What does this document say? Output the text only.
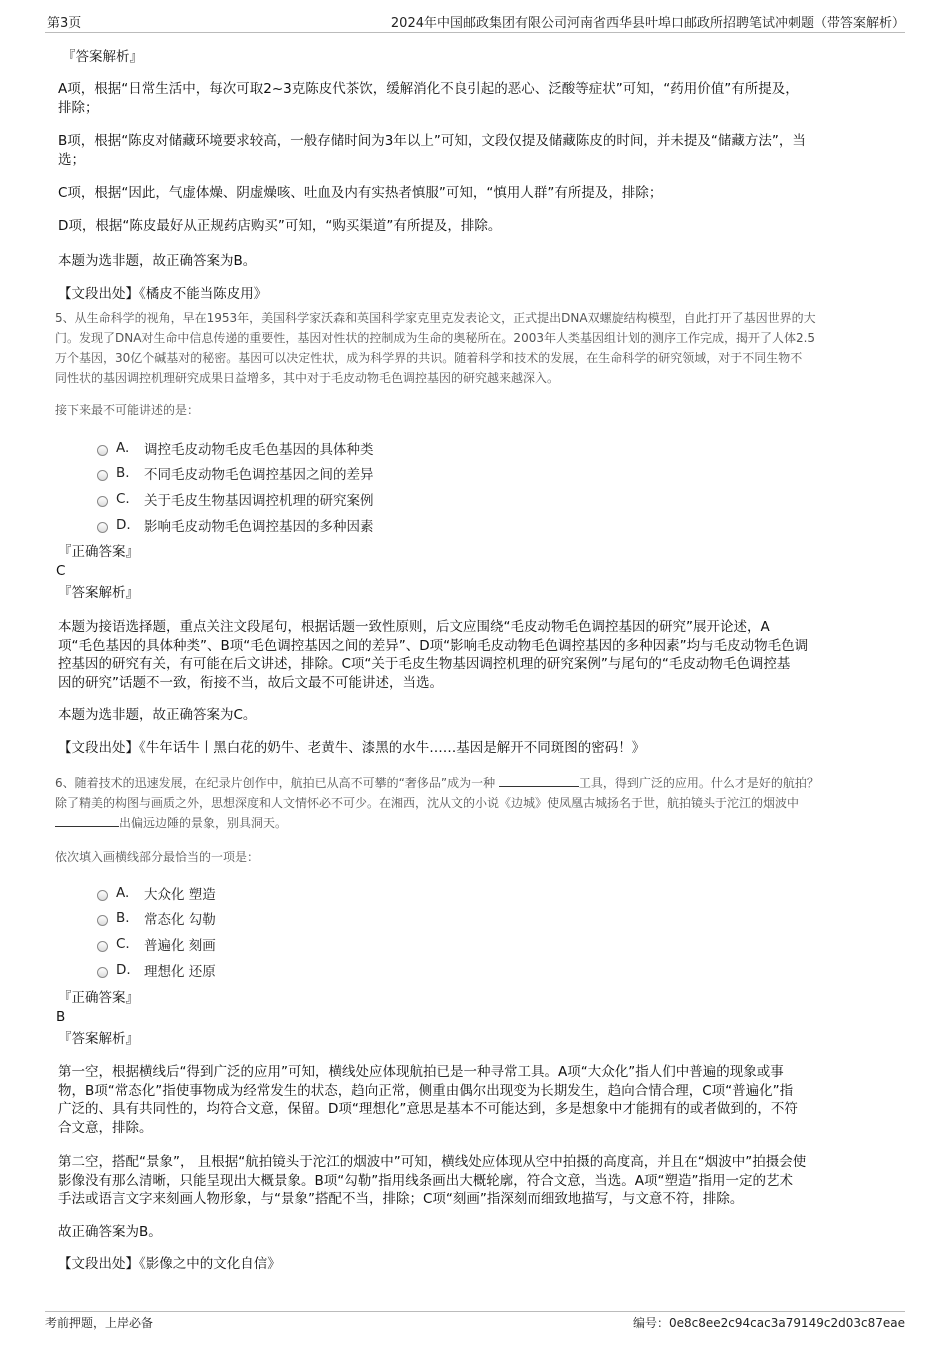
第3页	2024年中国邮政集团有限公司河南省西华县叶埠口邮政所招聘笔试冲刺题（带答案解析）
『答案解析』
A项，根据“日常生活中，每次可取2~3克陈皮代茶饮，缓解消化不良引起的恶心、泛酸等症状”可知，“药用价值”有所提及，
排除；
B项，根据“陈皮对储藏环境要求较高，一般存储时间为3年以上”可知，文段仅提及储藏陈皮的时间，并未提及“储藏方法”，当
选；
C项，根据“因此，气虚体燥、阴虚燥咳、吐血及内有实热者慎服”可知，“慎用人群”有所提及，排除；
D项，根据“陈皮最好从正规药店购买”可知，“购买渠道”有所提及，排除。
本题为选非题，故正确答案为B。
【文段出处】《橘皮不能当陈皮用》
5、从生命科学的视角，早在1953年，美国科学家沃森和英国科学家克里克发表论文，正式提出DNA双螺旋结构模型，自此打开了基因世界的大
门。发现了DNA对生命中信息传递的重要性，基因对性状的控制成为生命的奥秘所在。2003年人类基因组计划的测序工作完成，揭开了人体2.5
万个基因，30亿个碱基对的秘密。基因可以决定性状，成为科学界的共识。随着科学和技术的发展，在生命科学的研究领域，对于不同生物不
同性状的基因调控机理研究成果日益增多，其中对于毛皮动物毛色调控基因的研究越来越深入。
接下来最不可能讲述的是：
A.	调控毛皮动物毛皮毛色基因的具体种类
B.	不同毛皮动物毛色调控基因之间的差异
C.	关于毛皮生物基因调控机理的研究案例
D. 影响毛皮动物毛色调控基因的多种因素
『正确答案』
C
『答案解析』
本题为接语选择题，重点关注文段尾句，根据话题一致性原则，后文应围绕“毛皮动物毛色调控基因的研究”展开论述，A
项“毛色基因的具体种类”、B项“毛色调控基因之间的差异”、D项“影响毛皮动物毛色调控基因的多种因素”均与毛皮动物毛色调
控基因的研究有关，有可能在后文讲述，排除。C项“关于毛皮生物基因调控机理的研究案例”与尾句的“毛皮动物毛色调控基
因的研究”话题不一致，衔接不当，故后文最不可能讲述，当选。
本题为选非题，故正确答案为C。
【文段出处】《牛年话牛丨黑白花的奶牛、老黄牛、漆黑的水牛……基因是解开不同斑图的密码！》
6、随着技术的迅速发展，在纪录片创作中，航拍已从高不可攀的“奢侈品”成为一种	工具，得到广泛的应用。什么才是好的航拍？
除了精美的构图与画质之外，思想深度和人文情怀必不可少。在湘西，沈从文的小说《边城》使凤凰古城扬名于世，航拍镜头于沱江的烟波中
出偏远边陲的景象，别具洞天。
依次填入画横线部分最恰当的一项是：
A.	大众化 塑造
B.	常态化 勾勒
C.	普遍化 刻画
D. 理想化 还原
『正确答案』
B
『答案解析』
第一空，根据横线后“得到广泛的应用”可知，横线处应体现航拍已是一种寻常工具。A项“大众化”指人们中普遍的现象或事
物，B项“常态化”指使事物成为经常发生的状态，趋向正常，侧重由偶尔出现变为长期发生，趋向合情合理，C项“普遍化”指
广泛的、具有共同性的，均符合文意，保留。D项“理想化”意思是基本不可能达到，多是想象中才能拥有的或者做到的，不符
合文意，排除。
第二空，搭配“景象”， 且根据“航拍镜头于沱江的烟波中”可知，横线处应体现从空中拍摄的高度高，并且在“烟波中”拍摄会使
影像没有那么清晰，只能呈现出大概景象。B项“勾勒”指用线条画出大概轮廓，符合文意，当选。A项“塑造”指用一定的艺术
手法或语言文字来刻画人物形象，与“景象”搭配不当，排除；C项“刻画”指深刻而细致地描写，与文意不符，排除。
故正确答案为B。
【文段出处】《影像之中的文化自信》
考前押题，上岸必备	编号：0e8c8ee2c94cac3a79149c2d03c87eae
